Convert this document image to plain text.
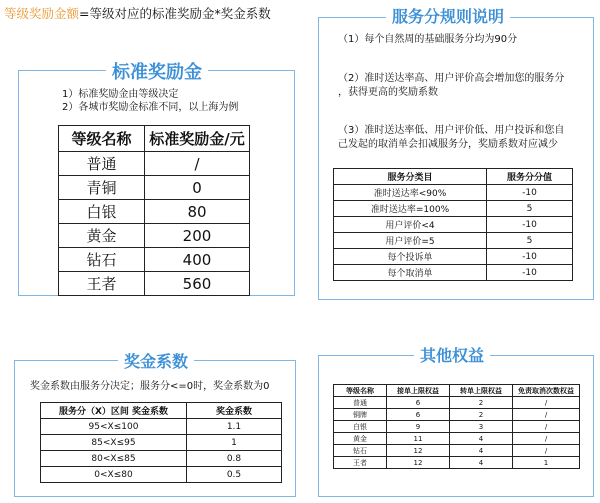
等级奖励金额=等级对应的标准奖励金*奖金系数
标准奖励金
1）标准奖励金由等级决定
2）各城市奖励金标准不同，以上海为例
等级名称	标准奖励金/元
普通	/
青铜	0
白银	80
黄金	200
钻石	400
王者	560
服务分规则说明
（1）每个自然周的基础服务分均为90分
（2）准时送达率高、用户评价高会增加您的服务分
，获得更高的奖励系数
（3）准时送达率低、用户评价低、用户投诉和您自
己发起的取消单会扣减服务分，奖励系数对应减少
服务分类目	服务分分值
准时送达率<90%	-10
准时送达率=100%	5
用户评价<4	-10
用户评价=5	5
每个投诉单	-10
每个取消单	-10
奖金系数
奖金系数由服务分决定；服务分<=0时，奖金系数为0
服务分（X）区间 奖金系数	奖金系数
95<X≤100	1.1
85<X≤95	1
80<X≤85	0.8
0<X≤80	0.5
其他权益
等级名称	接单上限权益	转单上限权益	免责取消次数权益
普通	6	2	/
铜牌	6	2	/
白银	9	3	/
黄金	11	4	/
钻石	12	4	/
王者	12	4	1
